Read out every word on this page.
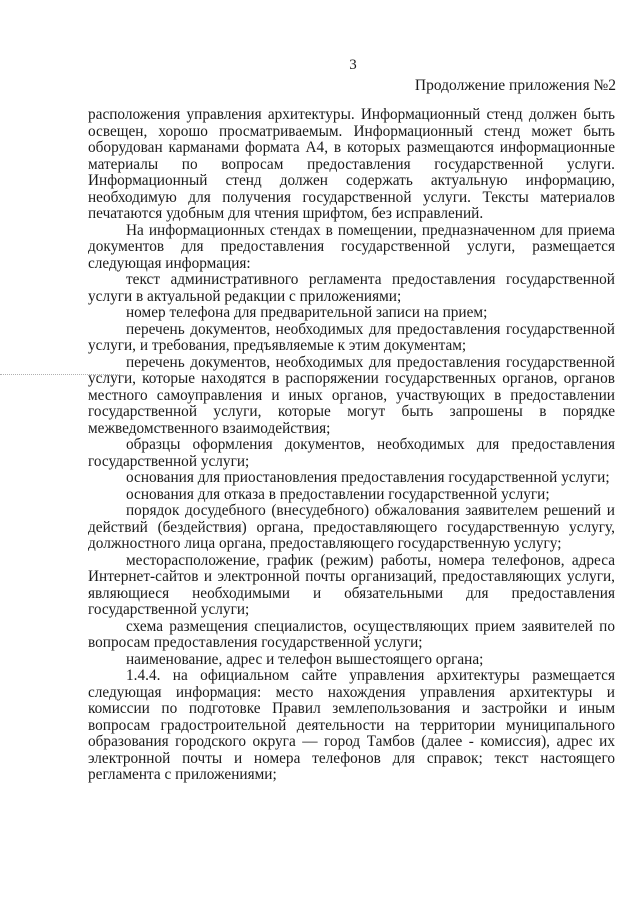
3
Продолжение приложения №2

расположения управления архитектуры. Информационный стенд должен быть освещен, хорошо просматриваемым. Информационный стенд может быть оборудован карманами формата А4, в которых размещаются информационные материалы по вопросам предоставления государственной услуги. Информационный стенд должен содержать актуальную информацию, необходимую для получения государственной услуги. Тексты материалов печатаются удобным для чтения шрифтом, без исправлений.

На информационных стендах в помещении, предназначенном для приема документов для предоставления государственной услуги, размещается следующая информация:

текст административного регламента предоставления государственной услуги в актуальной редакции с приложениями;

номер телефона для предварительной записи на прием;

перечень документов, необходимых для предоставления государственной услуги, и требования, предъявляемые к этим документам;

перечень документов, необходимых для предоставления государственной услуги, которые находятся в распоряжении государственных органов, органов местного самоуправления и иных органов, участвующих в предоставлении государственной услуги, которые могут быть запрошены в порядке межведомственного взаимодействия;

образцы оформления документов, необходимых для предоставления государственной услуги;

основания для приостановления предоставления государственной услуги;

основания для отказа в предоставлении государственной услуги;

порядок досудебного (внесудебного) обжалования заявителем решений и действий (бездействия) органа, предоставляющего государственную услугу, должностного лица органа, предоставляющего государственную услугу;

месторасположение, график (режим) работы, номера телефонов, адреса Интернет-сайтов и электронной почты организаций, предоставляющих услуги, являющиеся необходимыми и обязательными для предоставления государственной услуги;

схема размещения специалистов, осуществляющих прием заявителей по вопросам предоставления государственной услуги;

наименование, адрес и телефон вышестоящего органа;

1.4.4. на официальном сайте управления архитектуры размещается следующая информация: место нахождения управления архитектуры и комиссии по подготовке Правил землепользования и застройки и иным вопросам градостроительной деятельности на территории муниципального образования городского округа — город Тамбов (далее - комиссия), адрес их электронной почты и номера телефонов для справок; текст настоящего регламента с приложениями;
